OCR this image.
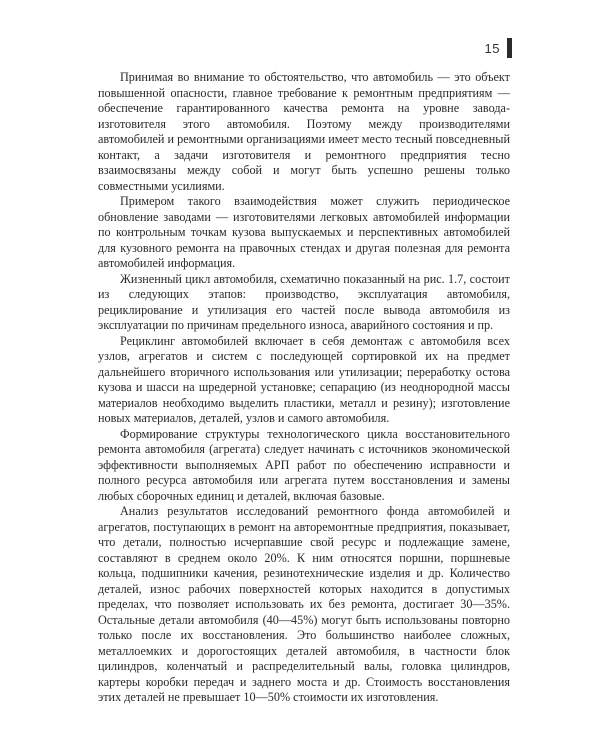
15

Принимая во внимание то обстоятельство, что автомобиль — это объект повышенной опасности, главное требование к ремонтным предприятиям — обеспечение гарантированного качества ремонта на уровне завода-изготовителя этого автомобиля. Поэтому между производителями автомобилей и ремонтными организациями имеет место тесный повседневный контакт, а задачи изготовителя и ремонтного предприятия тесно взаимосвязаны между собой и могут быть успешно решены только совместными усилиями.

Примером такого взаимодействия может служить периодическое обновление заводами — изготовителями легковых автомобилей информации по контрольным точкам кузова выпускаемых и перспективных автомобилей для кузовного ремонта на правочных стендах и другая полезная для ремонта автомобилей информация.

Жизненный цикл автомобиля, схематично показанный на рис. 1.7, состоит из следующих этапов: производство, эксплуатация автомобиля, рециклирование и утилизация его частей после вывода автомобиля из эксплуатации по причинам предельного износа, аварийного состояния и пр.

Рециклинг автомобилей включает в себя демонтаж с автомобиля всех узлов, агрегатов и систем с последующей сортировкой их на предмет дальнейшего вторичного использования или утилизации; переработку остова кузова и шасси на шредерной установке; сепарацию (из неоднородной массы материалов необходимо выделить пластики, металл и резину); изготовление новых материалов, деталей, узлов и самого автомобиля.

Формирование структуры технологического цикла восстановительного ремонта автомобиля (агрегата) следует начинать с источников экономической эффективности выполняемых АРП работ по обеспечению исправности и полного ресурса автомобиля или агрегата путем восстановления и замены любых сборочных единиц и деталей, включая базовые.

Анализ результатов исследований ремонтного фонда автомобилей и агрегатов, поступающих в ремонт на авторемонтные предприятия, показывает, что детали, полностью исчерпавшие свой ресурс и подлежащие замене, составляют в среднем около 20%. К ним относятся поршни, поршневые кольца, подшипники качения, резинотехнические изделия и др. Количество деталей, износ рабочих поверхностей которых находится в допустимых пределах, что позволяет использовать их без ремонта, достигает 30—35%. Остальные детали автомобиля (40—45%) могут быть использованы повторно только после их восстановления. Это большинство наиболее сложных, металлоемких и дорогостоящих деталей автомобиля, в частности блок цилиндров, коленчатый и распределительный валы, головка цилиндров, картеры коробки передач и заднего моста и др. Стоимость восстановления этих деталей не превышает 10—50% стоимости их изготовления.
